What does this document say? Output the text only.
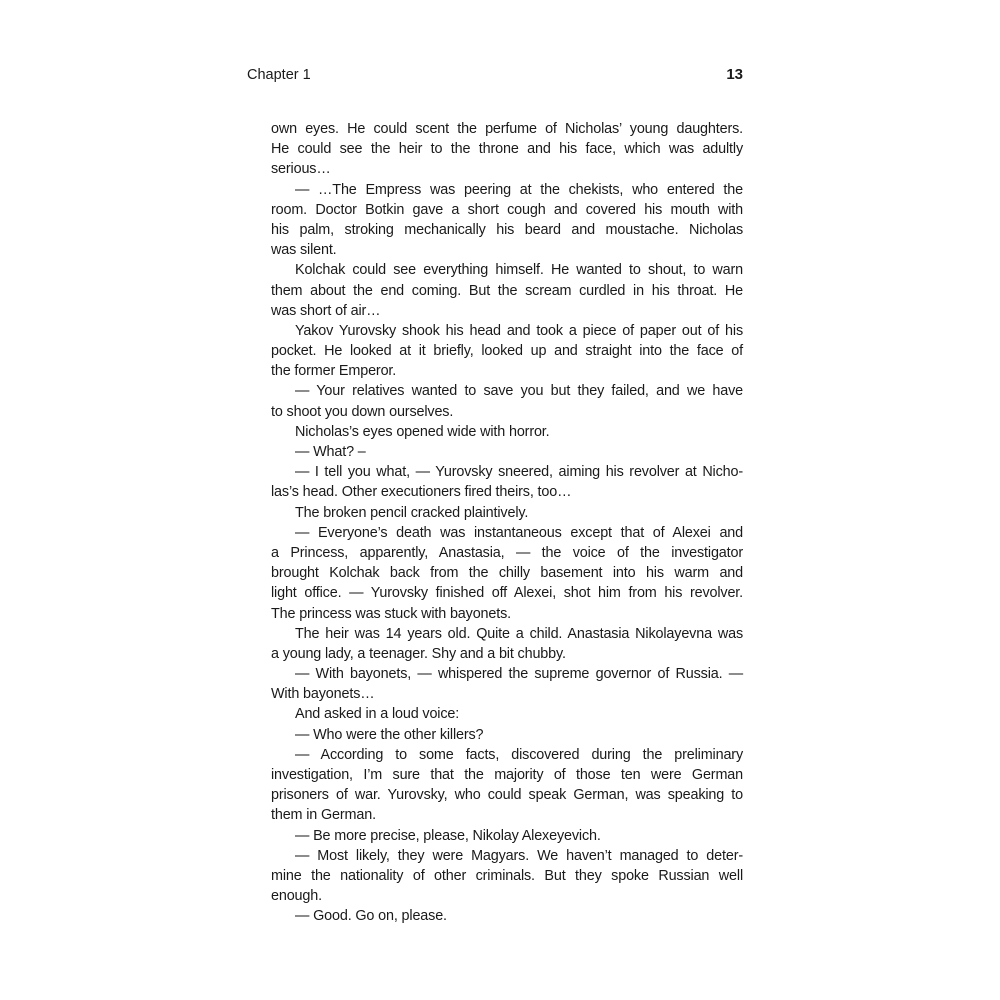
Chapter 1	13
own eyes. He could scent the perfume of Nicholas’ young daughters.
He could see the heir to the throne and his face, which was adultly
serious…
— …The Empress was peering at the chekists, who entered the
room. Doctor Botkin gave a short cough and covered his mouth with
his palm, stroking mechanically his beard and moustache. Nicholas
was silent.
Kolchak could see everything himself. He wanted to shout, to warn
them about the end coming. But the scream curdled in his throat. He
was short of air…
Yakov Yurovsky shook his head and took a piece of paper out of his
pocket. He looked at it briefly, looked up and straight into the face of
the former Emperor.
— Your relatives wanted to save you but they failed, and we have
to shoot you down ourselves.
Nicholas’s eyes opened wide with horror.
— What? –
— I tell you what, — Yurovsky sneered, aiming his revolver at Nicho-
las’s head. Other executioners fired theirs, too…
The broken pencil cracked plaintively.
— Everyone’s death was instantaneous except that of Alexei and
a Princess, apparently, Anastasia, — the voice of the investigator
brought Kolchak back from the chilly basement into his warm and
light office. — Yurovsky finished off Alexei, shot him from his revolver.
The princess was stuck with bayonets.
The heir was 14 years old. Quite a child. Anastasia Nikolayevna was
a young lady, a teenager. Shy and a bit chubby.
— With bayonets, — whispered the supreme governor of Russia. —
With bayonets…
And asked in a loud voice:
— Who were the other killers?
— According to some facts, discovered during the preliminary
investigation, I’m sure that the majority of those ten were German
prisoners of war. Yurovsky, who could speak German, was speaking to
them in German.
— Be more precise, please, Nikolay Alexeyevich.
— Most likely, they were Magyars. We haven’t managed to deter-
mine the nationality of other criminals. But they spoke Russian well
enough.
— Good. Go on, please.
